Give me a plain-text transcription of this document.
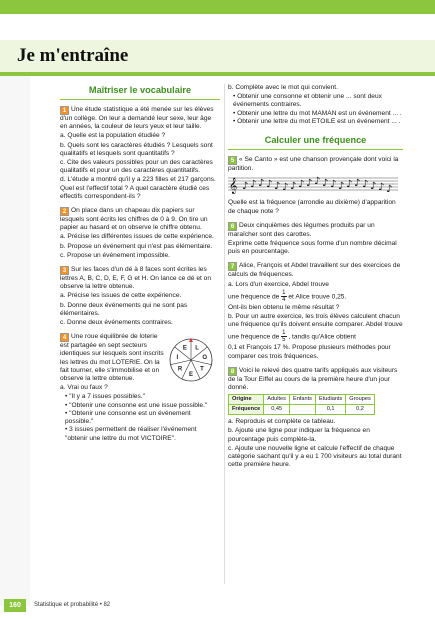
Je m'entraîne
Maîtriser le vocabulaire

1 Une étude statistique a été menée sur les élèves d'un collège. On leur a demandé leur sexe, leur âge en années, la couleur de leurs yeux et leur taille.

a. Quelle est la population étudiée ?

b. Quels sont les caractères étudiés ? Lesquels sont qualitatifs et lesquels sont quantitatifs ?

c. Cite des valeurs possibles pour un des caractères qualitatifs et pour un des caractères quantitatifs.

d. L'étude a montré qu'il y a 223 filles et 217 garçons. Quel est l'effectif total ? A quel caractère étudié ces effectifs correspondent-ils ?

2 On place dans un chapeau dix papiers sur lesquels sont écrits les chiffres de 0 à 9. On tire un papier au hasard et on observe le chiffre obtenu.

a. Précise les différentes issues de cette expérience.

b. Propose un événement qui n'est pas élémentaire.

c. Propose un événement impossible.

3 Sur les faces d'un dé à 8 faces sont écrites les lettres A, B, C, D, E, F, G et H. On lance ce dé et on observe la lettre obtenue.

a. Précise les issues de cette expérience.

b. Donne deux événements qui ne sont pas élémentaires.

c. Donne deux événements contraires.

4 Une roue équilibrée de loterie est partagée en sept secteurs identiques sur lesquels sont inscrits les lettres du mot LOTERIE. On la fait tourner, elle s'immobilise et on observe la lettre obtenue.

L
O
T
E
R
I
E

a. Vrai ou faux ?

• "Il y a 7 issues possibles."
• "Obtenir une consonne est une issue possible."
• "Obtenir une consonne est un événement possible."
• 3 issues permettent de réaliser l'événement "obtenir une lettre du mot VICTOIRE".

b. Complète avec le mot qui convient.

• Obtenir une consonne et obtenir une ... sont deux événements contraires.
• Obtenir une lettre du mot MAMAN est un événement ... .
• Obtenir une lettre du mot ETOILE est un événement ... .
Calculer une fréquence

5 « Se Canto » est une chanson provençale dont voici la partition.

𝄞 ♪ ♪ ♪ ♪ ♪ ♪ ♪ ♪ ♪ ♪ ♪ ♪ ♪ ♪ ♪ ♪ ♪ ♪ ♪

Quelle est la fréquence (arrondie au dixième) d'apparition de chaque note ?

6 Deux cinquièmes des légumes produits par un maraîcher sont des carottes.

Exprime cette fréquence sous forme d'un nombre décimal puis en pourcentage.

7 Alice, François et Abdel travaillent sur des exercices de calculs de fréquences.

a. Lors d'un exercice, Abdel trouve

une fréquence de $\frac{1}{4}$ et Alice trouve 0,25.

Ont-ils bien obtenu le même résultat ?

b. Pour un autre exercice, les trois élèves calculent chacun une fréquence qu'ils doivent ensuite comparer. Abdel trouve

une fréquence de $\frac{1}{5}$ , tandis qu'Alice obtient

0,1 et François 17 %. Propose plusieurs méthodes pour comparer ces trois fréquences.

8 Voici le relevé des quatre tarifs appliqués aux visiteurs de la Tour Eiffel au cours de la première heure d'un jour donné.

Origine	Adultes	Enfants	Etudiants	Groupes
Fréquence	0,45		0,1	0,2

a. Reproduis et complète ce tableau.

b. Ajoute une ligne pour indiquer la fréquence en pourcentage puis complète-la.

c. Ajoute une nouvelle ligne et calcule l'effectif de chaque catégorie sachant qu'il y a eu 1 700 visiteurs au total durant cette première heure.

160	Statistique et probabilité • 82
